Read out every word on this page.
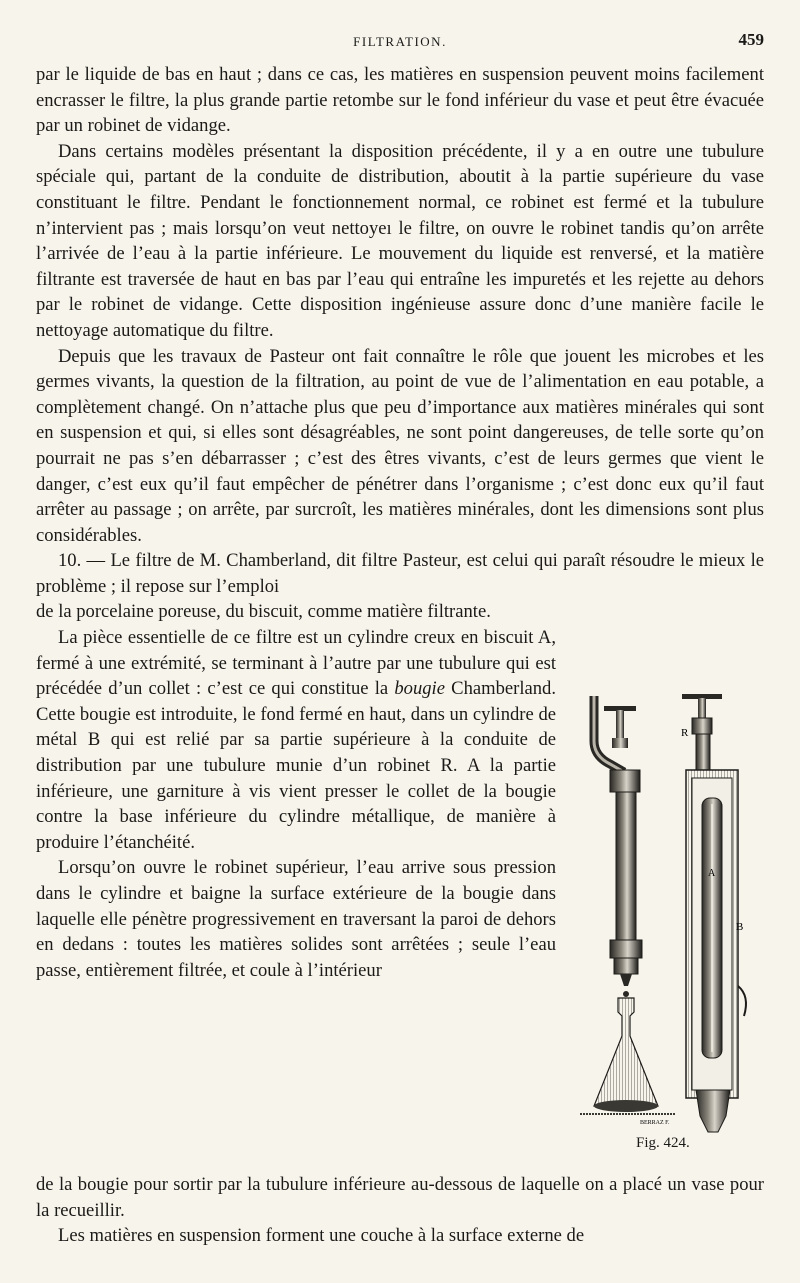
FILTRATION.	459

par le liquide de bas en haut ; dans ce cas, les matières en suspension peuvent moins facilement encrasser le filtre, la plus grande partie retombe sur le fond inférieur du vase et peut être évacuée par un robinet de vidange.

Dans certains modèles présentant la disposition précédente, il y a en outre une tubulure spéciale qui, partant de la conduite de distribution, aboutit à la partie supérieure du vase constituant le filtre. Pendant le fonctionnement normal, ce robinet est fermé et la tubulure n’intervient pas ; mais lorsqu’on veut nettoyeı le filtre, on ouvre le robinet tandis qu’on arrête l’arrivée de l’eau à la partie inférieure. Le mouvement du liquide est renversé, et la matière filtrante est traversée de haut en bas par l’eau qui entraîne les impuretés et les rejette au dehors par le robinet de vidange. Cette disposition ingénieuse assure donc d’une manière facile le nettoyage automatique du filtre.

Depuis que les travaux de Pasteur ont fait connaître le rôle que jouent les microbes et les germes vivants, la question de la filtration, au point de vue de l’alimentation en eau potable, a complètement changé. On n’attache plus que peu d’importance aux matières minérales qui sont en suspension et qui, si elles sont désagréables, ne sont point dangereuses, de telle sorte qu’on pourrait ne pas s’en débarrasser ; c’est des êtres vivants, c’est de leurs germes que vient le danger, c’est eux qu’il faut empêcher de pénétrer dans l’organisme ; c’est donc eux qu’il faut arrêter au passage ; on arrête, par surcroît, les matières minérales, dont les dimensions sont plus considérables.

10. — Le filtre de M. Chamberland, dit filtre Pasteur, est celui qui paraît résoudre le mieux le problème ; il repose sur l’emploi

de la porcelaine poreuse, du biscuit, comme matière filtrante.

La pièce essentielle de ce filtre est un cylindre creux en biscuit A, fermé à une extrémité, se terminant à l’autre par une tubulure qui est précédée d’un collet : c’est ce qui constitue la bougie Chamberland. Cette bougie est introduite, le fond fermé en haut, dans un cylindre de métal B qui est relié par sa partie supérieure à la conduite de distribution par une tubulure munie d’un robinet R. A la partie inférieure, une garniture à vis vient presser le collet de la bougie contre la base inférieure du cylindre métallique, de manière à produire l’étanchéité.

Lorsqu’on ouvre le robinet supérieur, l’eau arrive sous pression dans le cylindre et baigne la surface extérieure de la bougie dans laquelle elle pénètre progressivement en traversant la paroi de dehors en dedans : toutes les matières solides sont arrêtées ; seule l’eau passe, entièrement filtrée, et coule à l’intérieur

de la bougie pour sortir par la tubulure inférieure au-dessous de laquelle on a placé un vase pour la recueillir.

Les matières en suspension forment une couche à la surface externe de

R
A
B
BERRAZ F.
Fig. 424.
